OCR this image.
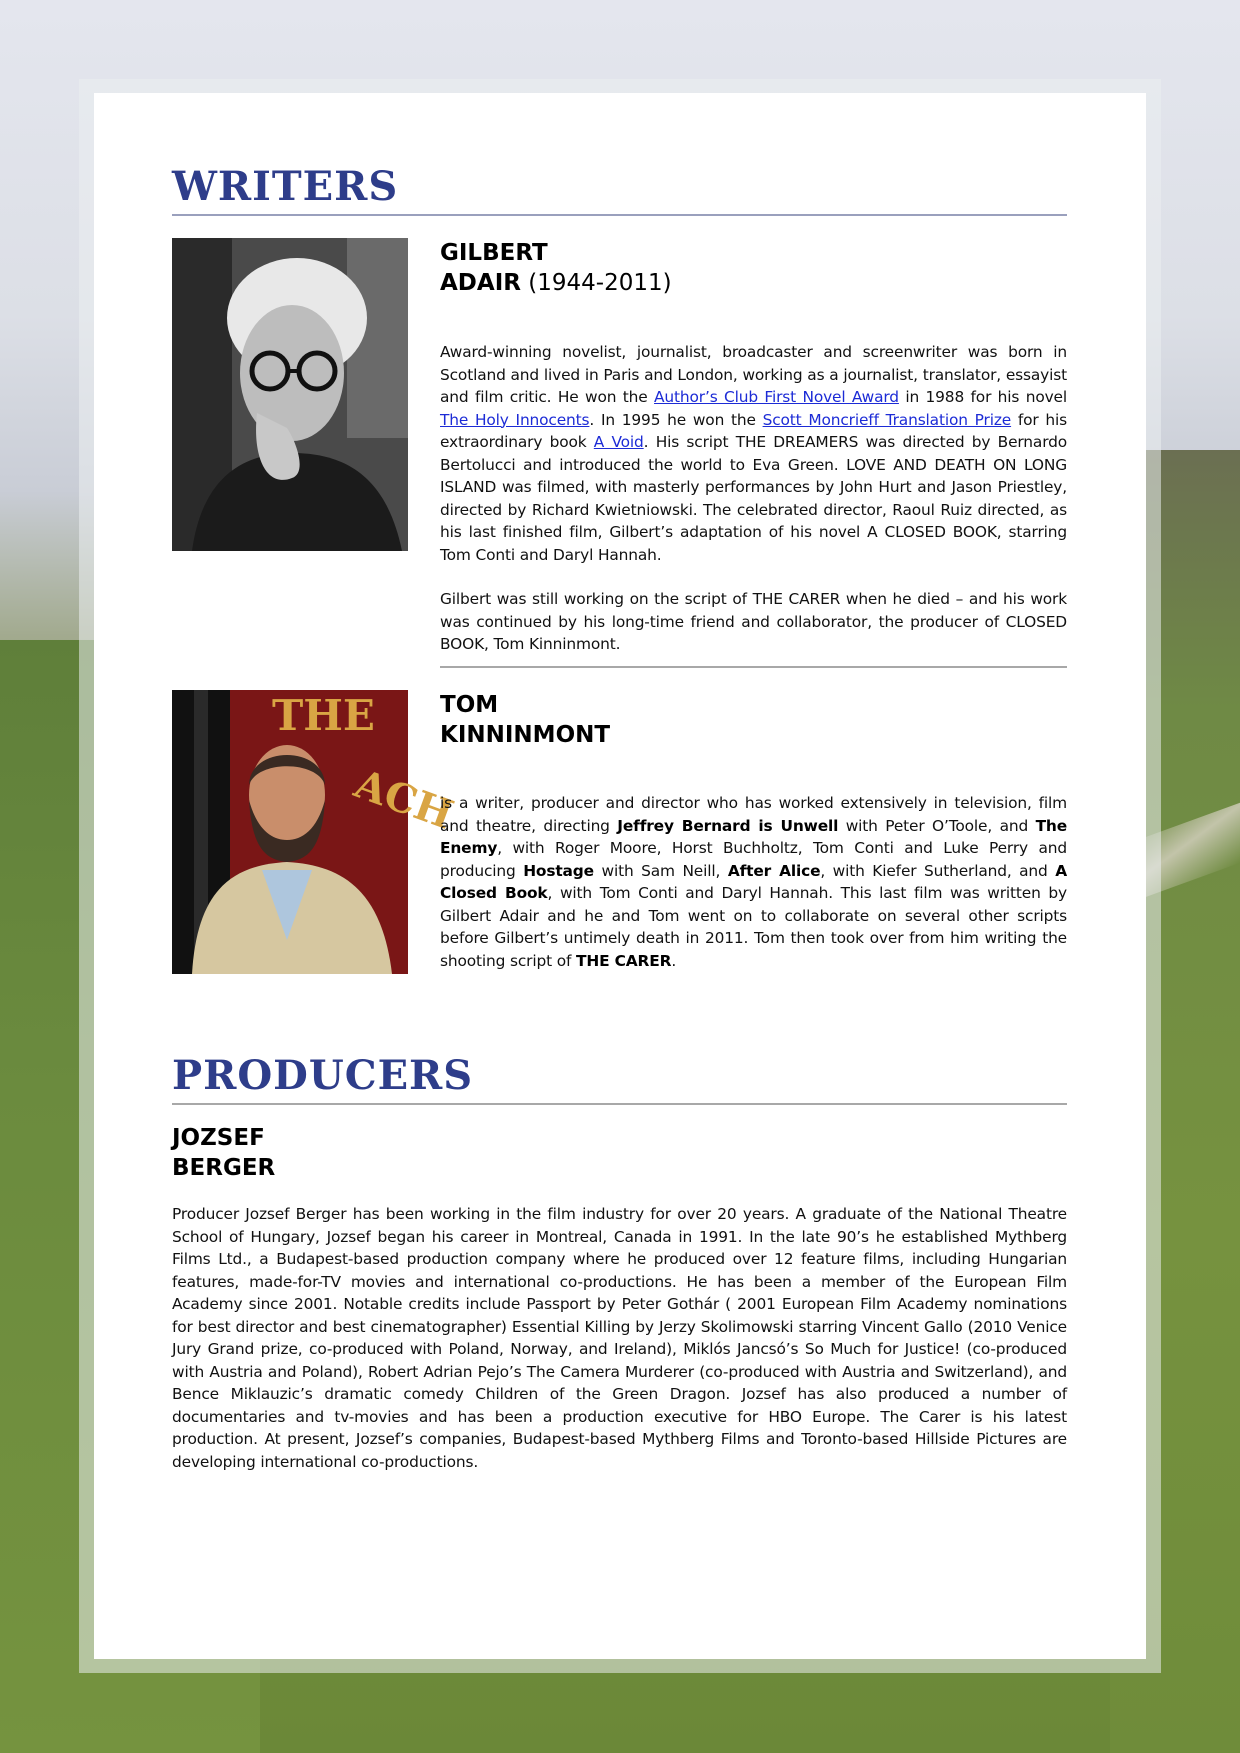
WRITERS
GILBERT
ADAIR (1944-2011)

Award-winning novelist, journalist, broadcaster and screenwriter was born in Scotland and lived in Paris and London, working as a journalist, translator, essayist and film critic. He won the Author’s Club First Novel Award in 1988 for his novel The Holy Innocents. In 1995 he won the Scott Moncrieff Translation Prize for his extraordinary book A Void. His script THE DREAMERS was directed by Bernardo Bertolucci and introduced the world to Eva Green. LOVE AND DEATH ON LONG ISLAND was filmed, with masterly performances by John Hurt and Jason Priestley, directed by Richard Kwietniowski. The celebrated director, Raoul Ruiz directed, as his last finished film, Gilbert’s adaptation of his novel A CLOSED BOOK, starring Tom Conti and Daryl Hannah.

Gilbert was still working on the script of THE CARER when he died – and his work was continued by his long-time friend and collaborator, the producer of CLOSED BOOK, Tom Kinninmont.

THE
ACH
TOM
KINNINMONT

is a writer, producer and director who has worked extensively in television, film and theatre, directing Jeffrey Bernard is Unwell with Peter O’Toole, and The Enemy, with Roger Moore, Horst Buchholtz, Tom Conti and Luke Perry and producing Hostage with Sam Neill, After Alice, with Kiefer Sutherland, and A Closed Book, with Tom Conti and Daryl Hannah. This last film was written by Gilbert Adair and he and Tom went on to collaborate on several other scripts before Gilbert’s untimely death in 2011. Tom then took over from him writing the shooting script of THE CARER.

PRODUCERS
JOZSEF
BERGER

Producer Jozsef Berger has been working in the film industry for over 20 years. A graduate of the National Theatre School of Hungary, Jozsef began his career in Montreal, Canada in 1991. In the late 90’s he established Mythberg Films Ltd., a Budapest-based production company where he produced over 12 feature films, including Hungarian features, made-for-TV movies and international co-productions. He has been a member of the European Film Academy since 2001. Notable credits include Passport by Peter Gothár ( 2001 European Film Academy nominations for best director and best cinematographer) Essential Killing by Jerzy Skolimowski starring Vincent Gallo (2010 Venice Jury Grand prize, co-produced with Poland, Norway, and Ireland), Miklós Jancsó’s So Much for Justice! (co-produced with Austria and Poland), Robert Adrian Pejo’s The Camera Murderer (co-produced with Austria and Switzerland), and Bence Miklauzic’s dramatic comedy Children of the Green Dragon. Jozsef has also produced a number of documentaries and tv-movies and has been a production executive for HBO Europe. The Carer is his latest production. At present, Jozsef’s companies, Budapest-based Mythberg Films and Toronto-based Hillside Pictures are developing international co-productions.
